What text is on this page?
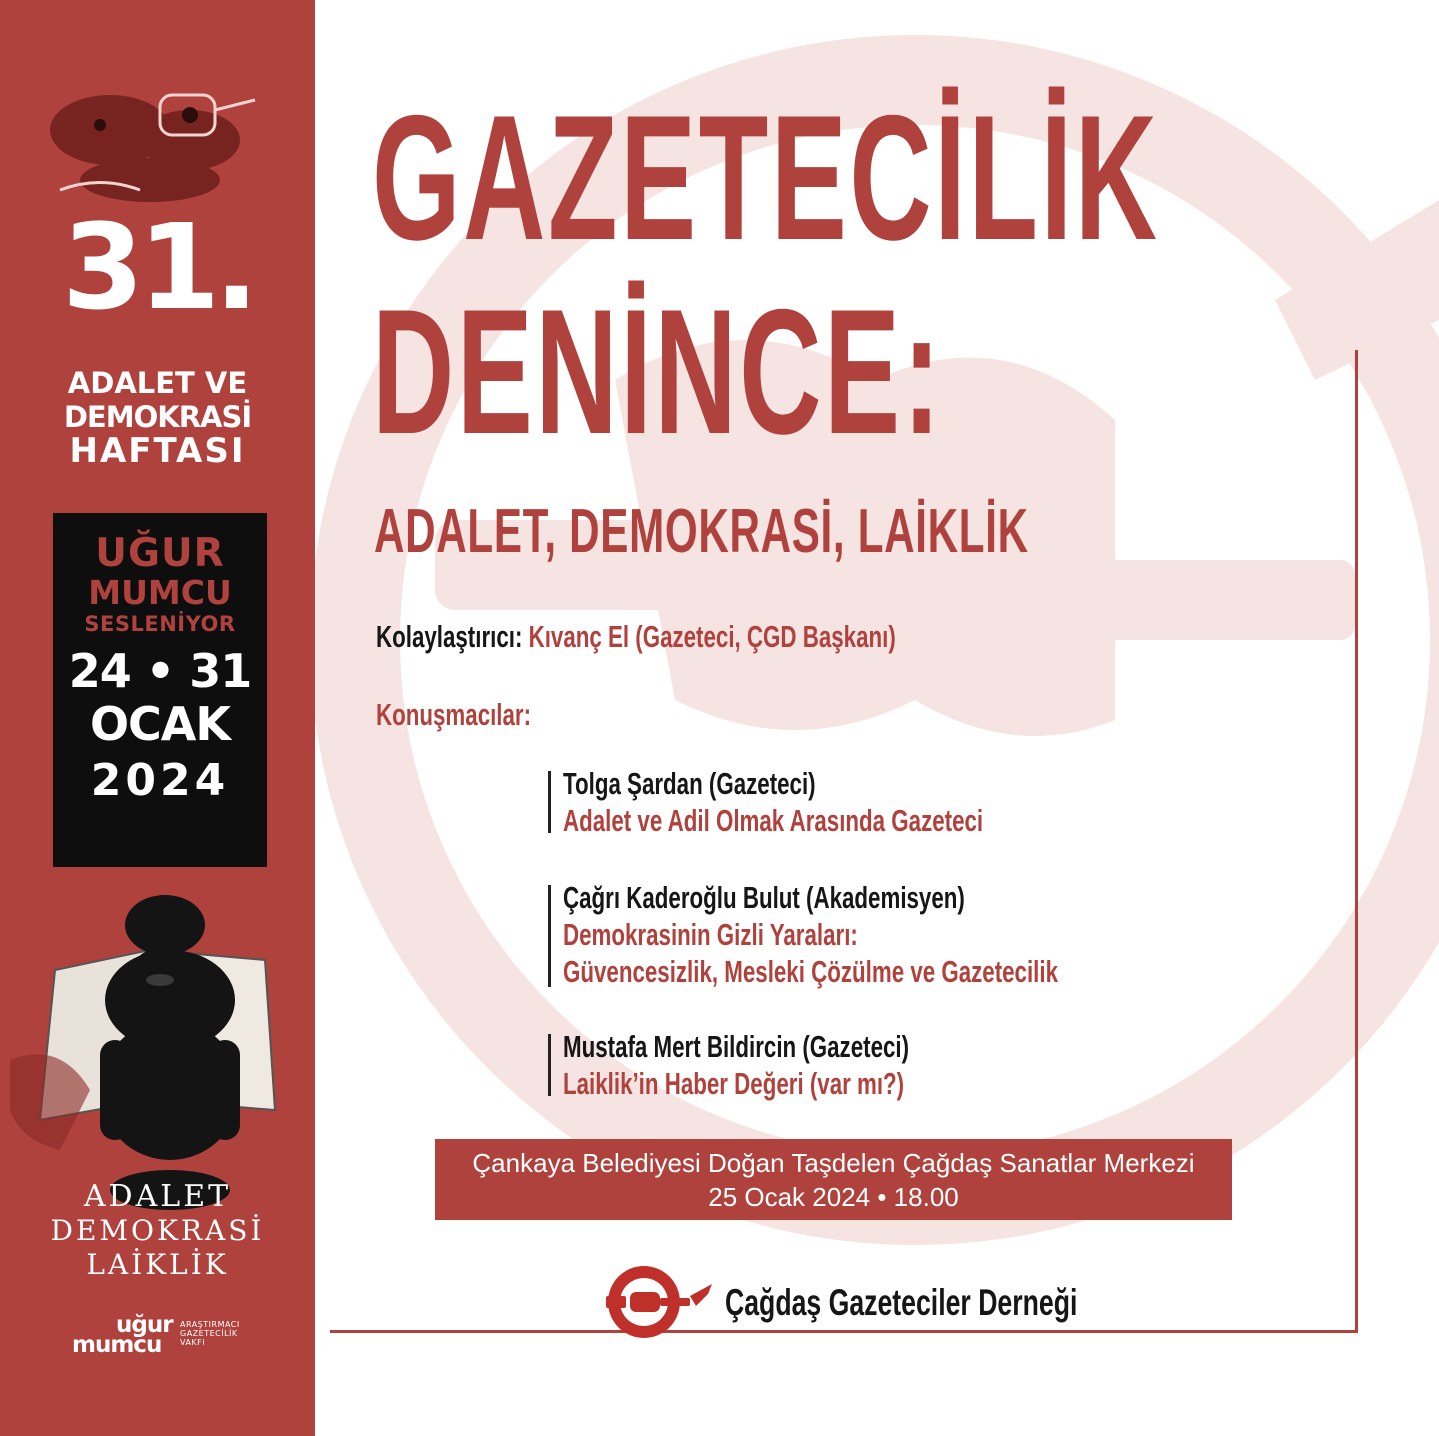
31.
ADALET VE
DEMOKRASİ
HAFTASI
UĞUR
MUMCU
SESLENİYOR
24 • 31
OCAK
2024
ADALET
DEMOKRASİ
LAİKLİK
uğur
mumcu
ARAŞTIRMACI
GAZETECİLİK
VAKFI
GAZETECİLİK
DENİNCE:
ADALET, DEMOKRASİ, LAİKLİK
Kolaylaştırıcı: Kıvanç El (Gazeteci, ÇGD Başkanı)
Konuşmacılar:
Tolga Şardan (Gazeteci)
Adalet ve Adil Olmak Arasında Gazeteci
Çağrı Kaderoğlu Bulut (Akademisyen)
Demokrasinin Gizli Yaraları:
Güvencesizlik, Mesleki Çözülme ve Gazetecilik
Mustafa Mert Bildircin (Gazeteci)
Laiklik’in Haber Değeri (var mı?)
Çankaya Belediyesi Doğan Taşdelen Çağdaş Sanatlar Merkezi
25 Ocak 2024 • 18.00
Çağdaş Gazeteciler Derneği
